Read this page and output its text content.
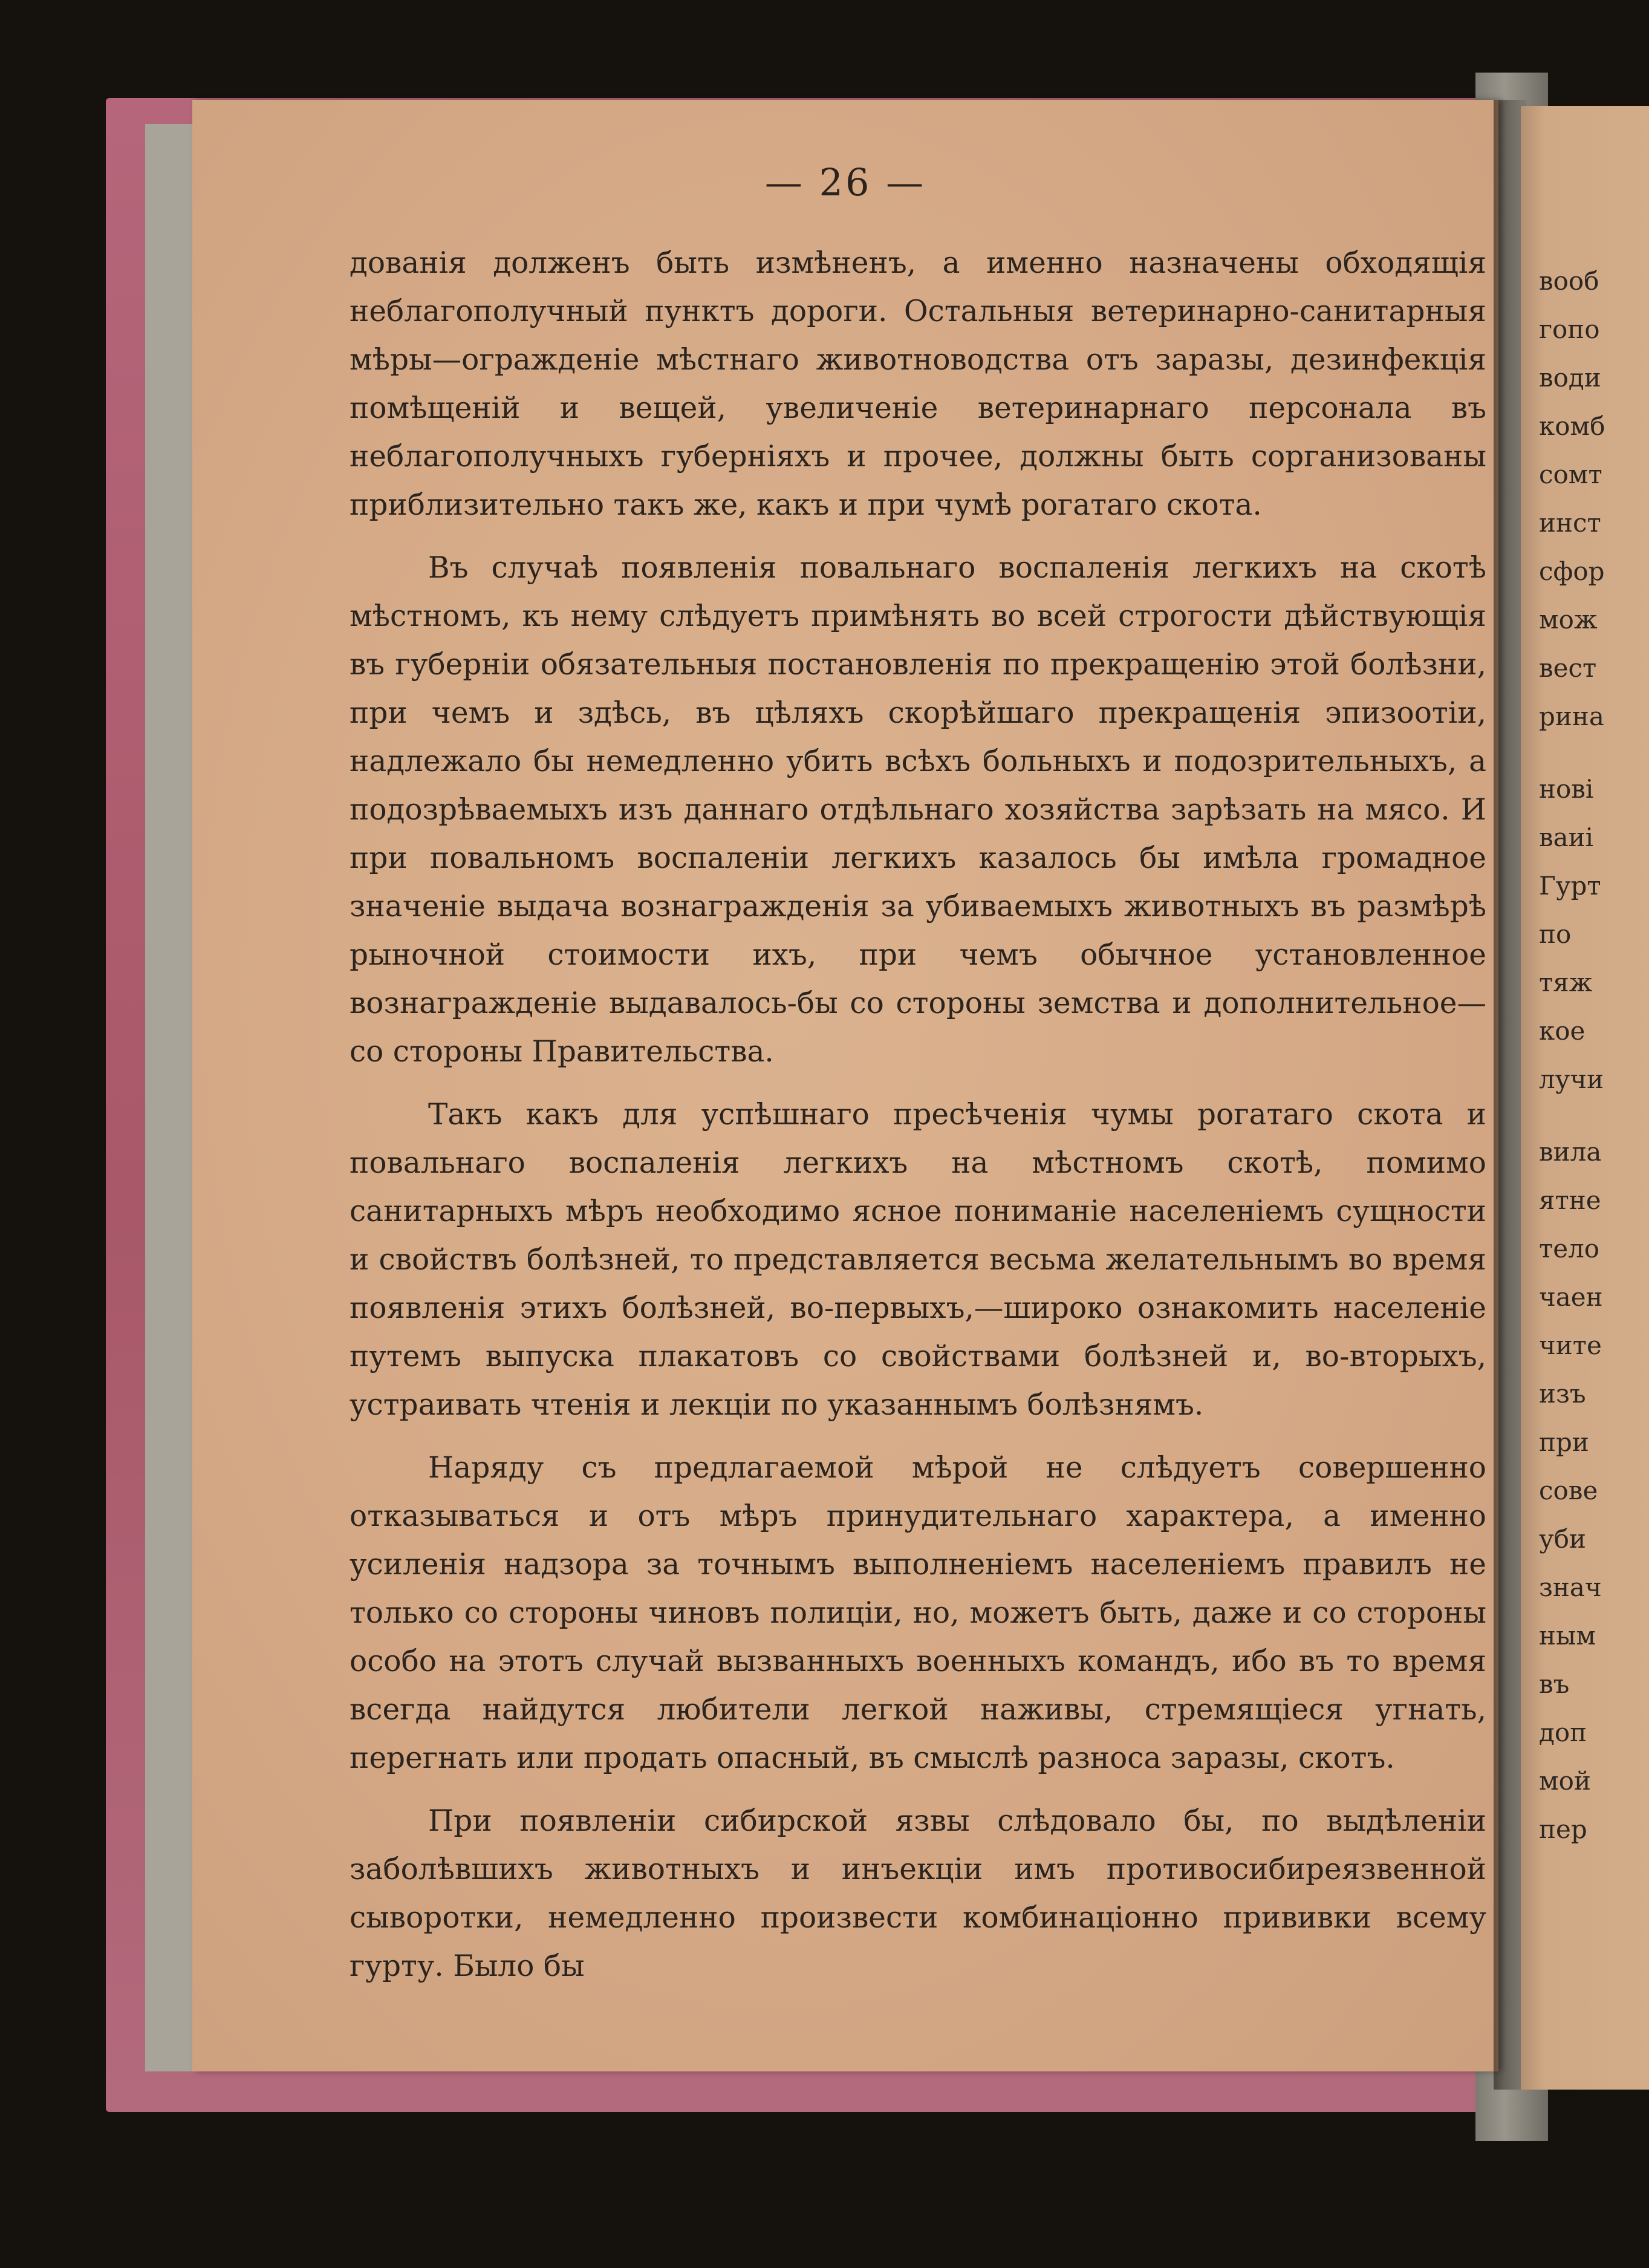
— 26 —

дованія долженъ быть измѣненъ, а именно назначены обходящія неблагополучный пунктъ дороги. Остальныя ветеринарно-санитарныя мѣры—огражденіе мѣстнаго животноводства отъ заразы, дезинфекція помѣщеній и вещей, увеличеніе ветеринарнаго персонала въ неблагополучныхъ губерніяхъ и прочее, должны быть сорганизованы приблизительно такъ же, какъ и при чумѣ рогатаго скота.

Въ случаѣ появленія повальнаго воспаленія легкихъ на скотѣ мѣстномъ, къ нему слѣдуетъ примѣнять во всей строгости дѣйствующія въ губерніи обязательныя постановленія по прекращенію этой болѣзни, при чемъ и здѣсь, въ цѣляхъ скорѣйшаго прекращенія эпизоотіи, надлежало бы немедленно убить всѣхъ больныхъ и подозрительныхъ, а подозрѣваемыхъ изъ даннаго отдѣльнаго хозяйства зарѣзать на мясо. И при повальномъ воспаленіи легкихъ казалось бы имѣла громадное значеніе выдача вознагражденія за убиваемыхъ животныхъ въ размѣрѣ рыночной стоимости ихъ, при чемъ обычное установленное вознагражденіе выдавалось-бы со стороны земства и дополнительное—со стороны Правительства.

Такъ какъ для успѣшнаго пресѣченія чумы рогатаго скота и повальнаго воспаленія легкихъ на мѣстномъ скотѣ, помимо санитарныхъ мѣръ необходимо ясное пониманіе населеніемъ сущности и свойствъ болѣзней, то представляется весьма желательнымъ во время появленія этихъ болѣзней, во-первыхъ,—широко ознакомить населеніе путемъ выпуска плакатовъ со свойствами болѣзней и, во-вторыхъ, устраивать чтенія и лекціи по указаннымъ болѣзнямъ.

Наряду съ предлагаемой мѣрой не слѣдуетъ совершенно отказываться и отъ мѣръ принудительнаго характера, а именно усиленія надзора за точнымъ выполненіемъ населеніемъ правилъ не только со стороны чиновъ полиціи, но, можетъ быть, даже и со стороны особо на этотъ случай вызванныхъ военныхъ командъ, ибо въ то время всегда найдутся любители легкой наживы, стремящіеся угнать, перегнать или продать опасный, въ смыслѣ разноса заразы, скотъ.

При появленіи сибирской язвы слѣдовало бы, по выдѣленіи заболѣвшихъ животныхъ и инъекціи имъ противосибиреязвенной сыворотки, немедленно произвести комбинаціонно прививки всему гурту. Было бы

вооб
гопо
води
комб
сомт
инст
сфор
мож
вест
рина
нові
ваиі
Гурт
по
тяж
кое
лучи
вила
ятне
тело
чаен
чите
изъ
при
сове
уби
знач
ным
въ
доп
мой
пер
